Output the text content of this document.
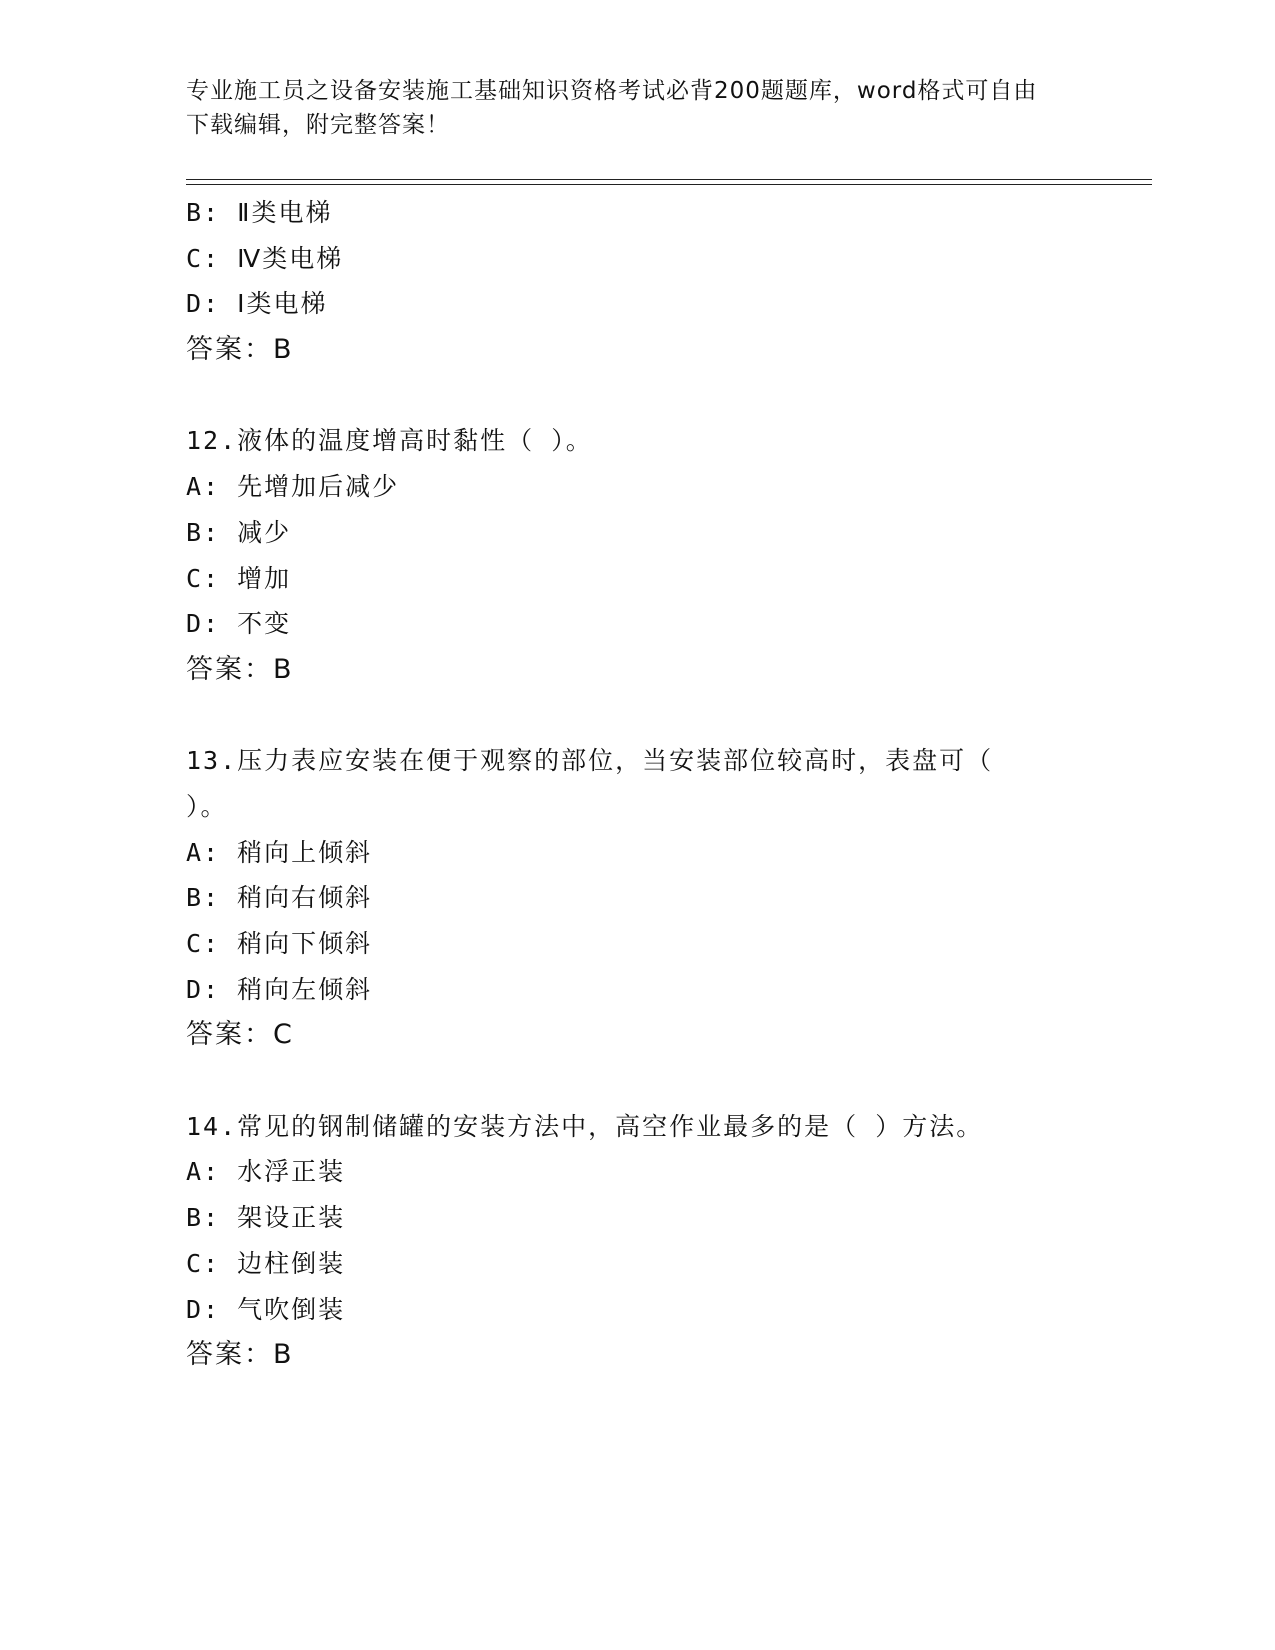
专业施工员之设备安装施工基础知识资格考试必背200题题库，word格式可自由
下载编辑，附完整答案！
B: Ⅱ类电梯
C: Ⅳ类电梯
D: Ⅰ类电梯
答案：B
12.液体的温度增高时黏性（ ）。
A: 先增加后减少
B: 减少
C: 增加
D: 不变
答案：B
13.压力表应安装在便于观察的部位，当安装部位较高时，表盘可（
）。
A: 稍向上倾斜
B: 稍向右倾斜
C: 稍向下倾斜
D: 稍向左倾斜
答案：C
14.常见的钢制储罐的安装方法中，高空作业最多的是（ ）方法。
A: 水浮正装
B: 架设正装
C: 边柱倒装
D: 气吹倒装
答案：B
